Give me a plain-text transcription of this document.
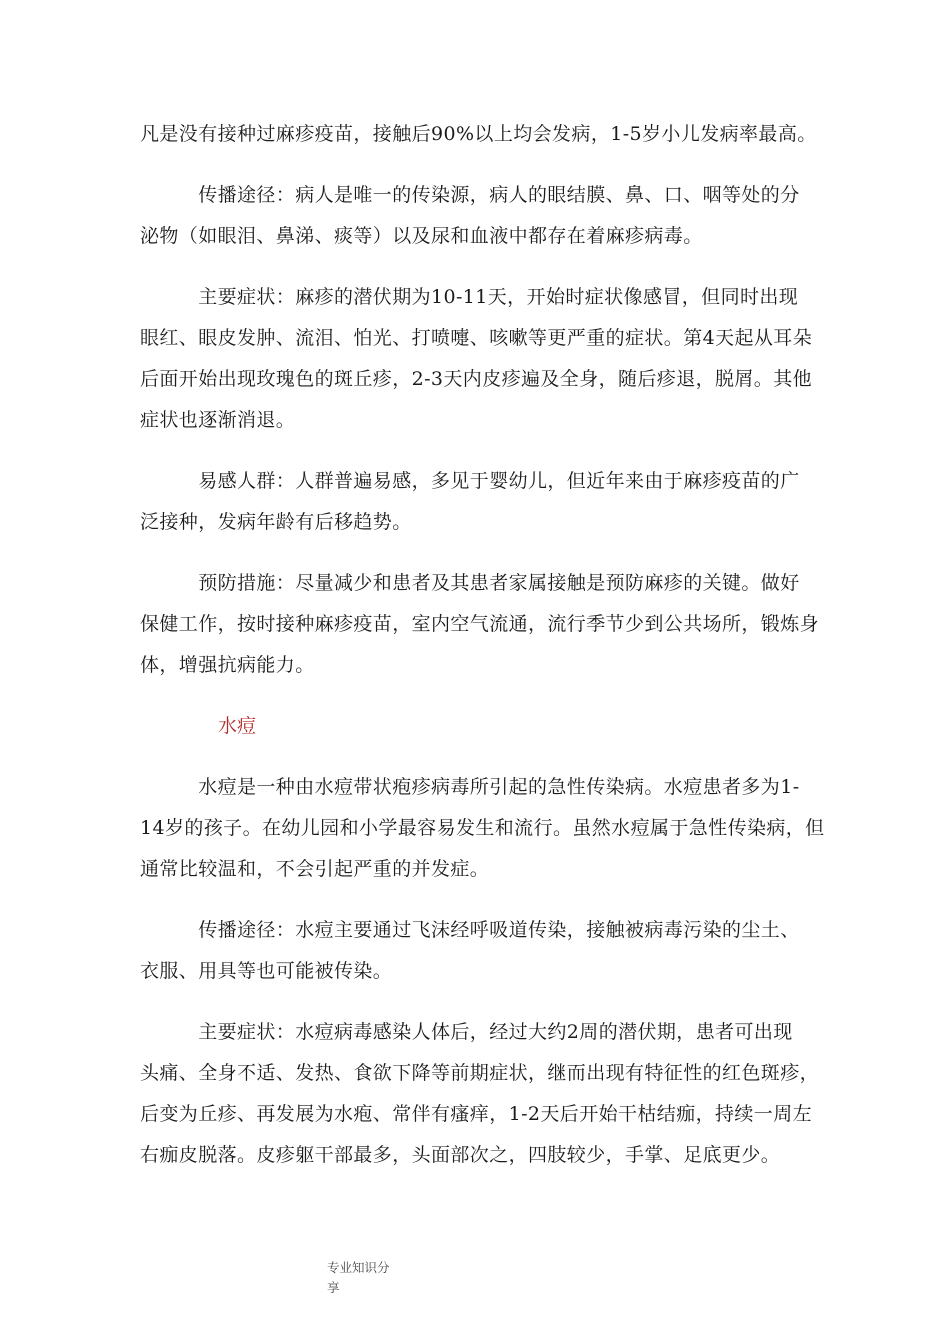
凡是没有接种过麻疹疫苗，接触后90%以上均会发病，1-5岁小儿发病率最高。
　　　传播途径：病人是唯一的传染源，病人的眼结膜、鼻、口、咽等处的分
泌物（如眼泪、鼻涕、痰等）以及尿和血液中都存在着麻疹病毒。
　　　主要症状：麻疹的潜伏期为10-11天，开始时症状像感冒，但同时出现
眼红、眼皮发肿、流泪、怕光、打喷嚏、咳嗽等更严重的症状。第4天起从耳朵
后面开始出现玫瑰色的斑丘疹，2-3天内皮疹遍及全身，随后疹退，脱屑。其他
症状也逐渐消退。
　　　易感人群：人群普遍易感，多见于婴幼儿，但近年来由于麻疹疫苗的广
泛接种，发病年龄有后移趋势。
　　　预防措施：尽量减少和患者及其患者家属接触是预防麻疹的关键。做好
保健工作，按时接种麻疹疫苗，室内空气流通，流行季节少到公共场所，锻炼身
体，增强抗病能力。
水痘
　　　水痘是一种由水痘带状疱疹病毒所引起的急性传染病。水痘患者多为1-
14岁的孩子。在幼儿园和小学最容易发生和流行。虽然水痘属于急性传染病，但
通常比较温和，不会引起严重的并发症。
　　　传播途径：水痘主要通过飞沫经呼吸道传染，接触被病毒污染的尘土、
衣服、用具等也可能被传染。
　　　主要症状：水痘病毒感染人体后，经过大约2周的潜伏期，患者可出现
头痛、全身不适、发热、食欲下降等前期症状，继而出现有特征性的红色斑疹，
后变为丘疹、再发展为水疱、常伴有瘙痒，1-2天后开始干枯结痂，持续一周左
右痂皮脱落。皮疹躯干部最多，头面部次之，四肢较少，手掌、足底更少。
专业知识分
享
